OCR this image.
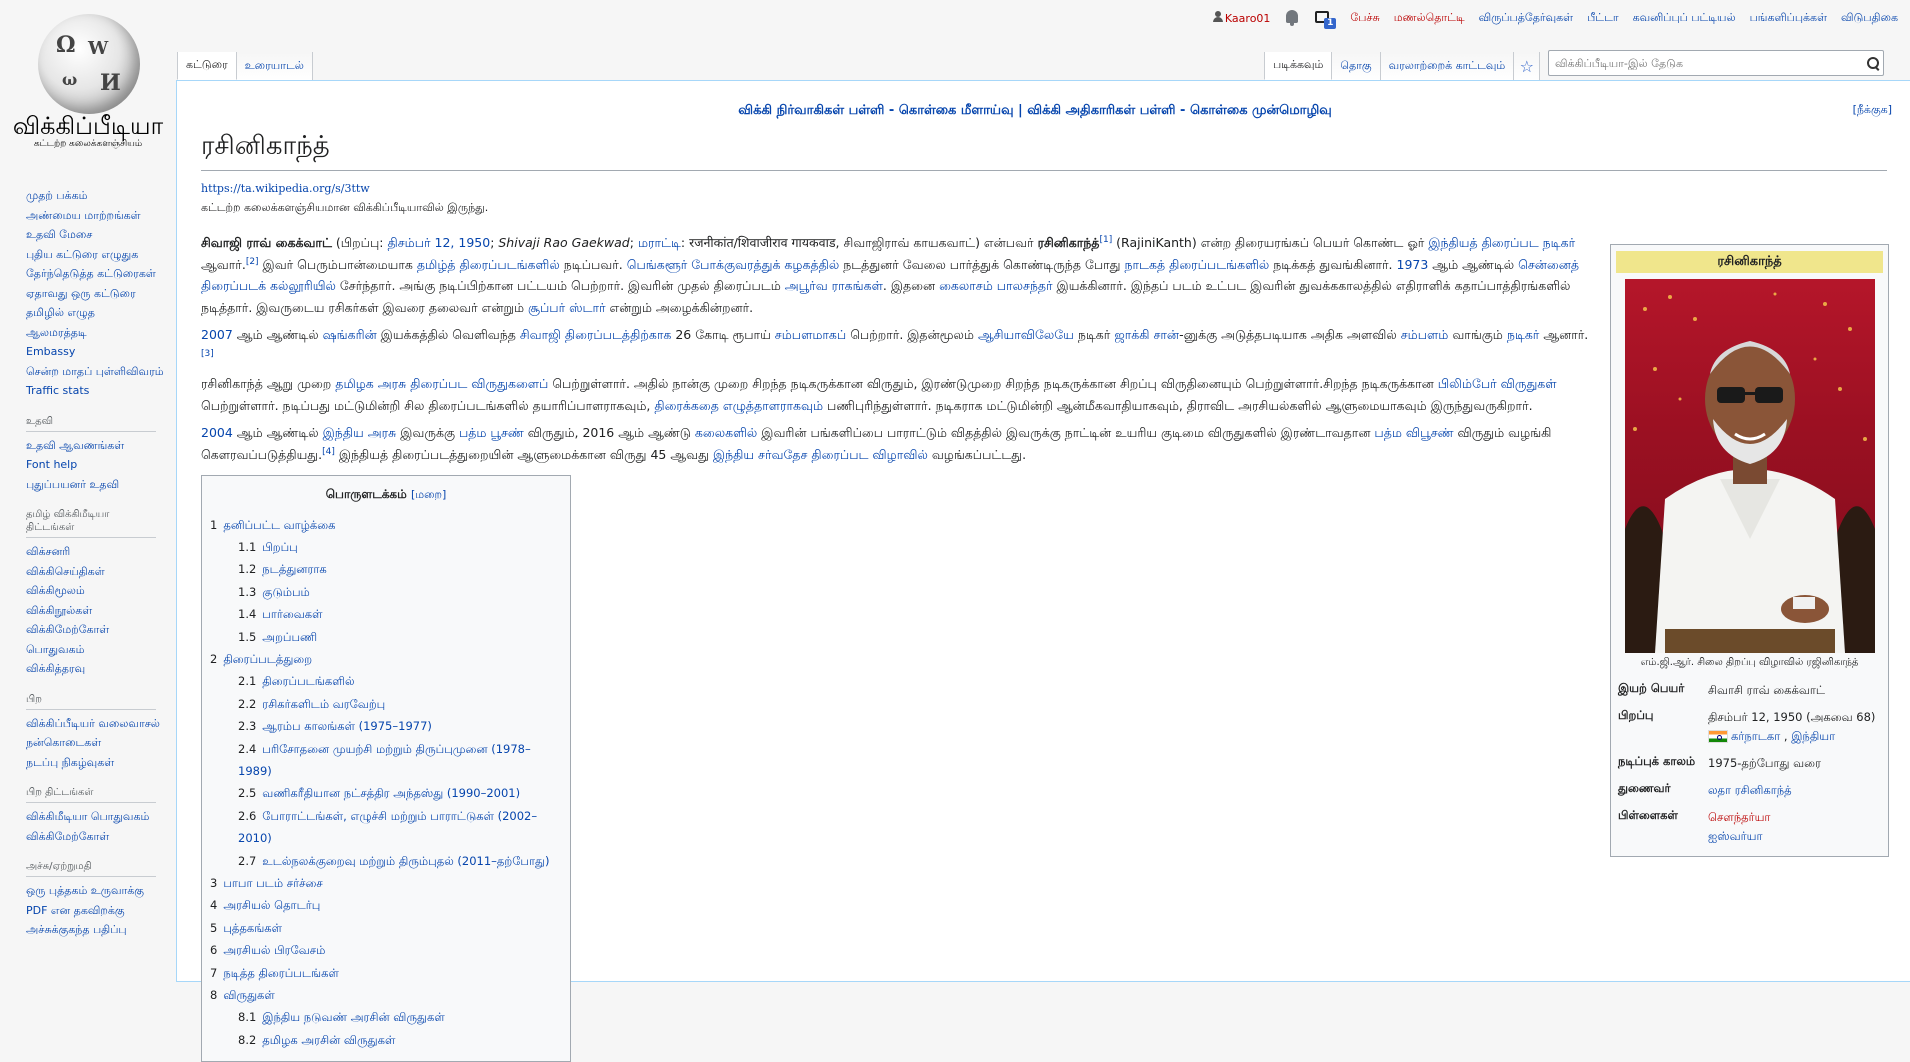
Ω W
И
ω
விக்கிப்பீடியா
கட்டற்ற கலைக்களஞ்சியம்
Kaaro01	1 பேச்சு மணல்தொட்டி விருப்பத்தேர்வுகள் பீட்டா கவனிப்புப் பட்டியல் பங்களிப்புக்கள் விடுபதிகை
கட்டுரை	உரையாடல்	படிக்கவும்	தொகு	வரலாற்றைக் காட்டவும் ☆
விக்கிப்பீடியா-இல் தேடுக
முதற் பக்கம்
அண்மைய மாற்றங்கள்
உதவி மேசை
புதிய கட்டுரை எழுதுக
தேர்ந்தெடுத்த கட்டுரைகள்
ஏதாவது ஒரு கட்டுரை
தமிழில் எழுத
ஆலமரத்தடி
Embassy
சென்ற மாதப் புள்ளிவிவரம்
Traffic stats
உதவி
உதவி ஆவணங்கள்
Font help
புதுப்பயனர் உதவி
தமிழ் விக்கிமீடியா திட்டங்கள்
விக்சனரி
விக்கிசெய்திகள்
விக்கிமூலம்
விக்கிநூல்கள்
விக்கிமேற்கோள்
பொதுவகம்
விக்கித்தரவு
பிற
விக்கிப்பீடியர் வலைவாசல்
நன்கொடைகள்
நடப்பு நிகழ்வுகள்
பிற திட்டங்கள்
விக்கிமீடியா பொதுவகம்
விக்கிமேற்கோள்
அச்சு/ஏற்றுமதி
ஒரு புத்தகம் உருவாக்கு
PDF என தகவிறக்கு
அச்சுக்குகந்த பதிப்பு
விக்கி நிர்வாகிகள் பள்ளி - கொள்கை மீளாய்வு | விக்கி அதிகாரிகள் பள்ளி - கொள்கை முன்மொழிவு	[நீக்குக]
ரசினிகாந்த்
https://ta.wikipedia.org/s/3ttw
கட்டற்ற கலைக்களஞ்சியமான விக்கிப்பீடியாவில் இருந்து.

சிவாஜி ராவ் கைக்வாட் (பிறப்பு: திசம்பர் 12, 1950; Shivaji Rao Gaekwad; மராட்டி: रजनीकांत/शिवाजीराव गायकवाड, சிவாஜிராவ் காயகவாட்) என்பவர் ரசினிகாந்த்[1] (RajiniKanth) என்ற திரையரங்கப் பெயர் கொண்ட ஓர் இந்தியத் திரைப்பட நடிகர் ஆவார்.[2] இவர் பெரும்பான்மையாக தமிழ்த் திரைப்படங்களில் நடிப்பவர். பெங்களூர் போக்குவரத்துக் கழகத்தில் நடத்துனர் வேலை பார்த்துக் கொண்டிருந்த போது நாடகத் திரைப்படங்களில் நடிக்கத் துவங்கினார். 1973 ஆம் ஆண்டில் சென்னைத் திரைப்படக் கல்லூரியில் சேர்ந்தார். அங்கு நடிப்பிற்கான பட்டயம் பெற்றார். இவரின் முதல் திரைப்படம் அபூர்வ ராகங்கள். இதனை கைலாசம் பாலசந்தர் இயக்கினார். இந்தப் படம் உட்பட இவரின் துவக்ககாலத்தில் எதிராளிக் கதாப்பாத்திரங்களில் நடித்தார். இவருடைய ரசிகர்கள் இவரை தலைவர் என்றும் சூப்பர் ஸ்டார் என்றும் அழைக்கின்றனர்.

2007 ஆம் ஆண்டில் ஷங்கரின் இயக்கத்தில் வெளிவந்த சிவாஜி திரைப்படத்திற்காக 26 கோடி ரூபாய் சம்பளமாகப் பெற்றார். இதன்மூலம் ஆசியாவிலேயே நடிகர் ஜாக்கி சான்-னுக்கு அடுத்தபடியாக அதிக அளவில் சம்பளம் வாங்கும் நடிகர் ஆனார்.[3]

ரசினிகாந்த் ஆறு முறை தமிழக அரசு திரைப்பட விருதுகளைப் பெற்றுள்ளார். அதில் நான்கு முறை சிறந்த நடிகருக்கான விருதும், இரண்டுமுறை சிறந்த நடிகருக்கான சிறப்பு விருதினையும் பெற்றுள்ளார்.சிறந்த நடிகருக்கான பிலிம்பேர் விருதுகள் பெற்றுள்ளார். நடிப்பது மட்டுமின்றி சில திரைப்படங்களில் தயாரிப்பாளராகவும், திரைக்கதை எழுத்தாளராகவும் பணிபுரிந்துள்ளார். நடிகராக மட்டுமின்றி ஆன்மீகவாதியாகவும், திராவிட அரசியல்களில் ஆளுமையாகவும் இருந்துவருகிறார்.

2004 ஆம் ஆண்டில் இந்திய அரசு இவருக்கு பத்ம பூசண் விருதும், 2016 ஆம் ஆண்டு கலைகளில் இவரின் பங்களிப்பை பாராட்டும் விதத்தில் இவருக்கு நாட்டின் உயரிய குடிமை விருதுகளில் இரண்டாவதான பத்ம விபூசண் விருதும் வழங்கி கௌரவப்படுத்தியது.[4] இந்தியத் திரைப்படத்துறையின் ஆளுமைக்கான விருது 45 ஆவது இந்திய சர்வதேச திரைப்பட விழாவில் வழங்கப்பட்டது.

பொருளடக்கம் [மறை]
1 தனிப்பட்ட வாழ்க்கை
1.1 பிறப்பு
1.2 நடத்துனராக
1.3 குடும்பம்
1.4 பார்வைகள்
1.5 அறப்பணி
2 திரைப்படத்துறை
2.1 திரைப்படங்களில்
2.2 ரசிகர்களிடம் வரவேற்பு
2.3 ஆரம்ப காலங்கள் (1975–1977)
2.4 பரிசோதனை முயற்சி மற்றும் திருப்புமுனை (1978–1989)
2.5 வணிகரீதியான நட்சத்திர அந்தஸ்து (1990–2001)
2.6 போராட்டங்கள், எழுச்சி மற்றும் பாராட்டுகள் (2002–2010)
2.7 உடல்நலக்குறைவு மற்றும் திரும்புதல் (2011–தற்போது)
3 பாபா படம் சர்ச்சை
4 அரசியல் தொடர்பு
5 புத்தகங்கள்
6 அரசியல் பிரவேசம்
7 நடித்த திரைப்படங்கள்
8 விருதுகள்
8.1 இந்திய நடுவண் அரசின் விருதுகள்
8.2 தமிழக அரசின் விருதுகள்
ரசினிகாந்த்
எம்.ஜி.ஆர். சிலை திறப்பு விழாவில் ரஜினிகாந்த்
இயற் பெயர்	சிவாசி ராவ் கைக்வாட்
பிறப்பு	திசம்பர் 12, 1950 (அகவை 68)
கர்நாடகா , இந்தியா
நடிப்புக் காலம்	1975-தற்போது வரை
துணைவர்	லதா ரசினிகாந்த்
பிள்ளைகள்	சௌந்தர்யா
ஐஸ்வர்யா
